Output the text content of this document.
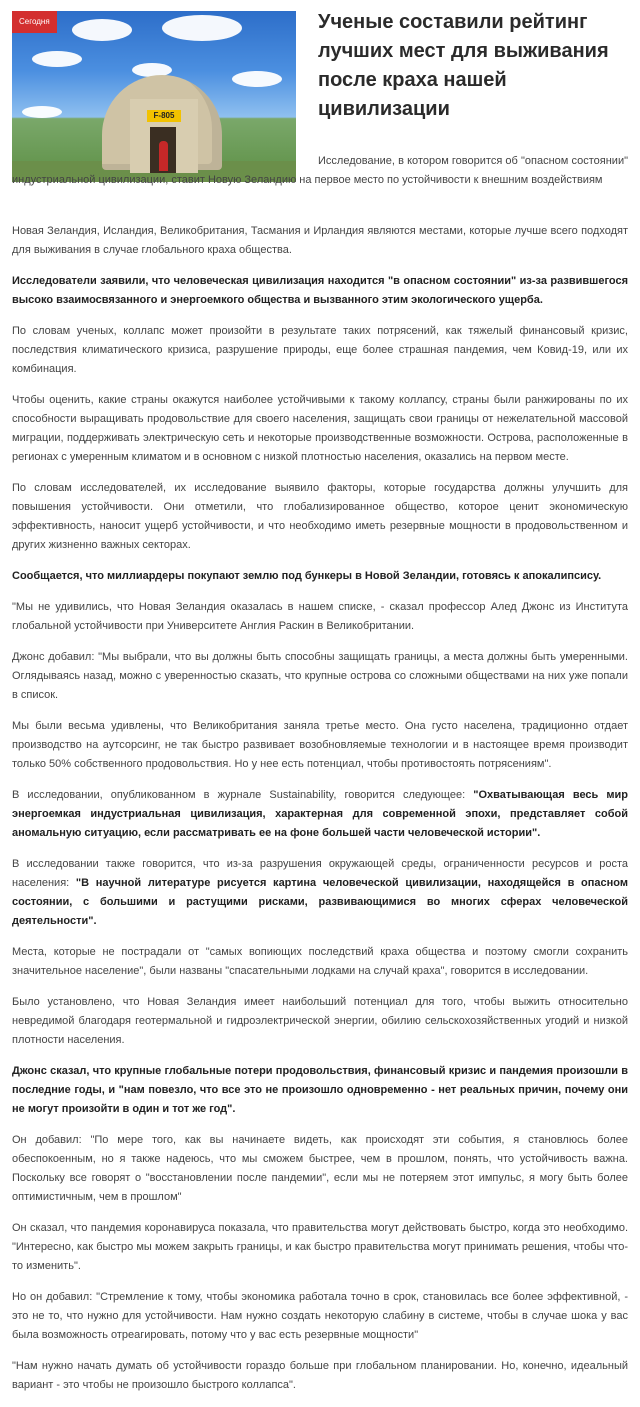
F-805
Сегодня	Ученые составили рейтинг лучших мест для выживания после краха нашей цивилизации

Исследование, в котором говорится об "опасном состоянии" индустриальной цивилизации, ставит Новую Зеландию на первое место по устойчивости к внешним воздействиям

Новая Зеландия, Исландия, Великобритания, Тасмания и Ирландия являются местами, которые лучше всего подходят для выживания в случае глобального краха общества.

Исследователи заявили, что человеческая цивилизация находится "в опасном состоянии" из-за развившегося высоко взаимосвязанного и энергоемкого общества и вызванного этим экологического ущерба.

По словам ученых, коллапс может произойти в результате таких потрясений, как тяжелый финансовый кризис, последствия климатического кризиса, разрушение природы, еще более страшная пандемия, чем Ковид-19, или их комбинация.

Чтобы оценить, какие страны окажутся наиболее устойчивыми к такому коллапсу, страны были ранжированы по их способности выращивать продовольствие для своего населения, защищать свои границы от нежелательной массовой миграции, поддерживать электрическую сеть и некоторые производственные возможности. Острова, расположенные в регионах с умеренным климатом и в основном с низкой плотностью населения, оказались на первом месте.

По словам исследователей, их исследование выявило факторы, которые государства должны улучшить для повышения устойчивости. Они отметили, что глобализированное общество, которое ценит экономическую эффективность, наносит ущерб устойчивости, и что необходимо иметь резервные мощности в продовольственном и других жизненно важных секторах.

Сообщается, что миллиардеры покупают землю под бункеры в Новой Зеландии, готовясь к апокалипсису.

"Мы не удивились, что Новая Зеландия оказалась в нашем списке, - сказал профессор Алед Джонс из Института глобальной устойчивости при Университете Англия Раскин в Великобритании.

Джонс добавил: "Мы выбрали, что вы должны быть способны защищать границы, а места должны быть умеренными. Оглядываясь назад, можно с уверенностью сказать, что крупные острова со сложными обществами на них уже попали в список.

Мы были весьма удивлены, что Великобритания заняла третье место. Она густо населена, традиционно отдает производство на аутсорсинг, не так быстро развивает возобновляемые технологии и в настоящее время производит только 50% собственного продовольствия. Но у нее есть потенциал, чтобы противостоять потрясениям".

В исследовании, опубликованном в журнале Sustainability, говорится следующее: "Охватывающая весь мир энергоемкая индустриальная цивилизация, характерная для современной эпохи, представляет собой аномальную ситуацию, если рассматривать ее на фоне большей части человеческой истории".

В исследовании также говорится, что из-за разрушения окружающей среды, ограниченности ресурсов и роста населения: "В научной литературе рисуется картина человеческой цивилизации, находящейся в опасном состоянии, с большими и растущими рисками, развивающимися во многих сферах человеческой деятельности".

Места, которые не пострадали от "самых вопиющих последствий краха общества и поэтому смогли сохранить значительное население", были названы "спасательными лодками на случай краха", говорится в исследовании.

Было установлено, что Новая Зеландия имеет наибольший потенциал для того, чтобы выжить относительно невредимой благодаря геотермальной и гидроэлектрической энергии, обилию сельскохозяйственных угодий и низкой плотности населения.

Джонс сказал, что крупные глобальные потери продовольствия, финансовый кризис и пандемия произошли в последние годы, и "нам повезло, что все это не произошло одновременно - нет реальных причин, почему они не могут произойти в один и тот же год".

Он добавил: "По мере того, как вы начинаете видеть, как происходят эти события, я становлюсь более обеспокоенным, но я также надеюсь, что мы сможем быстрее, чем в прошлом, понять, что устойчивость важна. Поскольку все говорят о "восстановлении после пандемии", если мы не потеряем этот импульс, я могу быть более оптимистичным, чем в прошлом"

Он сказал, что пандемия коронавируса показала, что правительства могут действовать быстро, когда это необходимо. "Интересно, как быстро мы можем закрыть границы, и как быстро правительства могут принимать решения, чтобы что-то изменить".

Но он добавил: "Стремление к тому, чтобы экономика работала точно в срок, становилась все более эффективной, - это не то, что нужно для устойчивости. Нам нужно создать некоторую слабину в системе, чтобы в случае шока у вас была возможность отреагировать, потому что у вас есть резервные мощности"

"Нам нужно начать думать об устойчивости гораздо больше при глобальном планировании. Но, конечно, идеальный вариант - это чтобы не произошло быстрого коллапса".
